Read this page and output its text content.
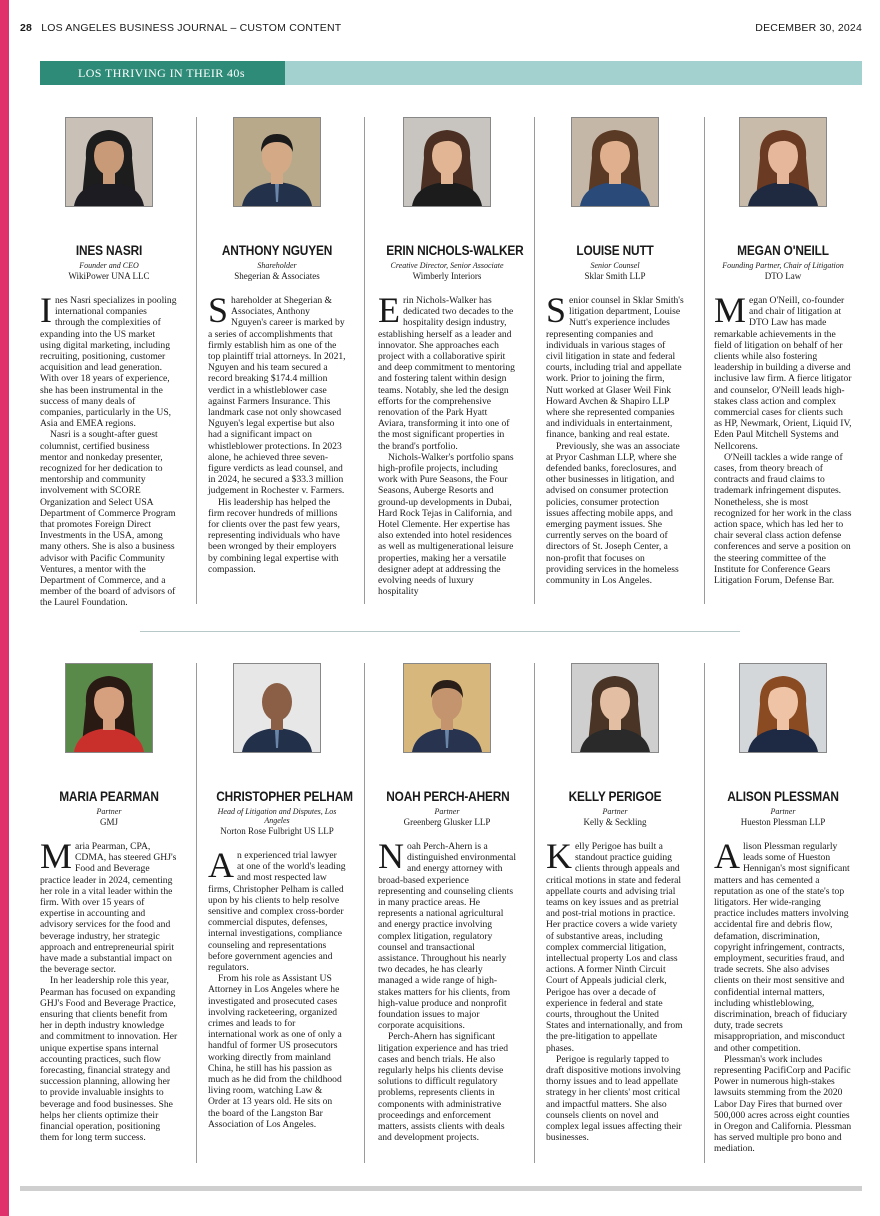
28 LOS ANGELES BUSINESS JOURNAL – CUSTOM CONTENT	DECEMBER 30, 2024
LOS THRIVING IN THEIR 40s
INES NASRI
Founder and CEO
WikiPower UNA LLC

Ines Nasri specializes in pooling international companies through the complexities of expanding into the US market using digital marketing, including recruiting, positioning, customer acquisition and lead generation. With over 18 years of experience, she has been instrumental in the success of many deals of companies, particularly in the US, Asia and EMEA regions.

Nasri is a sought-after guest columnist, certified business mentor and nonkeday presenter, recognized for her dedication to mentorship and community involvement with SCORE Organization and Select USA Department of Commerce Program that promotes Foreign Direct Investments in the USA, among many others. She is also a business advisor with Pacific Community Ventures, a mentor with the Department of Commerce, and a member of the board of advisors of the Laurel Foundation.

ANTHONY NGUYEN
Shareholder
Shegerian & Associates

Shareholder at Shegerian & Associates, Anthony Nguyen's career is marked by a series of accomplishments that firmly establish him as one of the top plaintiff trial attorneys. In 2021, Nguyen and his team secured a record breaking $174.4 million verdict in a whistleblower case against Farmers Insurance. This landmark case not only showcased Nguyen's legal expertise but also had a significant impact on whistleblower protections. In 2023 alone, he achieved three seven-figure verdicts as lead counsel, and in 2024, he secured a $33.3 million judgement in Rochester v. Farmers.

His leadership has helped the firm recover hundreds of millions for clients over the past few years, representing individuals who have been wronged by their employers by combining legal expertise with compassion.

ERIN NICHOLS-WALKER
Creative Director, Senior Associate
Wimberly Interiors

Erin Nichols-Walker has dedicated two decades to the hospitality design industry, establishing herself as a leader and innovator. She approaches each project with a collaborative spirit and deep commitment to mentoring and fostering talent within design teams. Notably, she led the design efforts for the comprehensive renovation of the Park Hyatt Aviara, transforming it into one of the most significant properties in the brand's portfolio.

Nichols-Walker's portfolio spans high-profile projects, including work with Pure Seasons, the Four Seasons, Auberge Resorts and ground-up developments in Dubai, Hard Rock Tejas in California, and Hotel Clemente. Her expertise has also extended into hotel residences as well as multigenerational leisure properties, making her a versatile designer adept at addressing the evolving needs of luxury hospitality

LOUISE NUTT
Senior Counsel
Sklar Smith LLP

Senior counsel in Sklar Smith's litigation department, Louise Nutt's experience includes representing companies and individuals in various stages of civil litigation in state and federal courts, including trial and appellate work. Prior to joining the firm, Nutt worked at Glaser Weil Fink Howard Avchen & Shapiro LLP where she represented companies and individuals in entertainment, finance, banking and real estate.

Previously, she was an associate at Pryor Cashman LLP, where she defended banks, foreclosures, and other businesses in litigation, and advised on consumer protection policies, consumer protection issues affecting mobile apps, and emerging payment issues. She currently serves on the board of directors of St. Joseph Center, a non-profit that focuses on providing services in the homeless community in Los Angeles.

MEGAN O'NEILL
Founding Partner, Chair of Litigation
DTO Law

Megan O'Neill, co-founder and chair of litigation at DTO Law has made remarkable achievements in the field of litigation on behalf of her clients while also fostering leadership in building a diverse and inclusive law firm. A fierce litigator and counselor, O'Neill leads high-stakes class action and complex commercial cases for clients such as HP, Newmark, Orient, Liquid IV, Eden Paul Mitchell Systems and Nellcorens.

O'Neill tackles a wide range of cases, from theory breach of contracts and fraud claims to trademark infringement disputes. Nonetheless, she is most recognized for her work in the class action space, which has led her to chair several class action defense conferences and serve a position on the steering committee of the Institute for Conference Gears Litigation Forum, Defense Bar.

MARIA PEARMAN
Partner
GMJ

Maria Pearman, CPA, CDMA, has steered GHJ's Food and Beverage practice leader in 2024, cementing her role in a vital leader within the firm. With over 15 years of expertise in accounting and advisory services for the food and beverage industry, her strategic approach and entrepreneurial spirit have made a substantial impact on the beverage sector.

In her leadership role this year, Pearman has focused on expanding GHJ's Food and Beverage Practice, ensuring that clients benefit from her in depth industry knowledge and commitment to innovation. Her unique expertise spans internal accounting practices, such flow forecasting, financial strategy and succession planning, allowing her to provide invaluable insights to beverage and food businesses. She helps her clients optimize their financial operation, positioning them for long term success.

CHRISTOPHER PELHAM
Head of Litigation and Disputes, Los Angeles
Norton Rose Fulbright US LLP

An experienced trial lawyer at one of the world's leading and most respected law firms, Christopher Pelham is called upon by his clients to help resolve sensitive and complex cross-border commercial disputes, defenses, internal investigations, compliance counseling and representations before government agencies and regulators.

From his role as Assistant US Attorney in Los Angeles where he investigated and prosecuted cases involving racketeering, organized crimes and leads to for international work as one of only a handful of former US prosecutors working directly from mainland China, he still has his passion as much as he did from the childhood living room, watching Law & Order at 13 years old. He sits on the board of the Langston Bar Association of Los Angeles.

NOAH PERCH-AHERN
Partner
Greenberg Glusker LLP

Noah Perch-Ahern is a distinguished environmental and energy attorney with broad-based experience representing and counseling clients in many practice areas. He represents a national agricultural and energy practice involving complex litigation, regulatory counsel and transactional assistance. Throughout his nearly two decades, he has clearly managed a wide range of high-stakes matters for his clients, from high-value produce and nonprofit foundation issues to major corporate acquisitions.

Perch-Ahern has significant litigation experience and has tried cases and bench trials. He also regularly helps his clients devise solutions to difficult regulatory problems, represents clients in components with administrative proceedings and enforcement matters, assists clients with deals and development projects.

KELLY PERIGOE
Partner
Kelly & Seckling

Kelly Perigoe has built a standout practice guiding clients through appeals and critical motions in state and federal appellate courts and advising trial teams on key issues and as pretrial and post-trial motions in practice. Her practice covers a wide variety of substantive areas, including complex commercial litigation, intellectual property Los and class actions. A former Ninth Circuit Court of Appeals judicial clerk, Perigoe has over a decade of experience in federal and state courts, throughout the United States and internationally, and from the pre-litigation to appellate phases.

Perigoe is regularly tapped to draft dispositive motions involving thorny issues and to lead appellate strategy in her clients' most critical and impactful matters. She also counsels clients on novel and complex legal issues affecting their businesses.

ALISON PLESSMAN
Partner
Hueston Plessman LLP

Alison Plessman regularly leads some of Hueston Hennigan's most significant matters and has cemented a reputation as one of the state's top litigators. Her wide-ranging practice includes matters involving accidental fire and debris flow, defamation, discrimination, copyright infringement, contracts, employment, securities fraud, and trade secrets. She also advises clients on their most sensitive and confidential internal matters, including whistleblowing, discrimination, breach of fiduciary duty, trade secrets misappropriation, and misconduct and other competition.

Plessman's work includes representing PacifiCorp and Pacific Power in numerous high-stakes lawsuits stemming from the 2020 Labor Day Fires that burned over 500,000 acres across eight counties in Oregon and California. Plessman has served multiple pro bono and mediation.
